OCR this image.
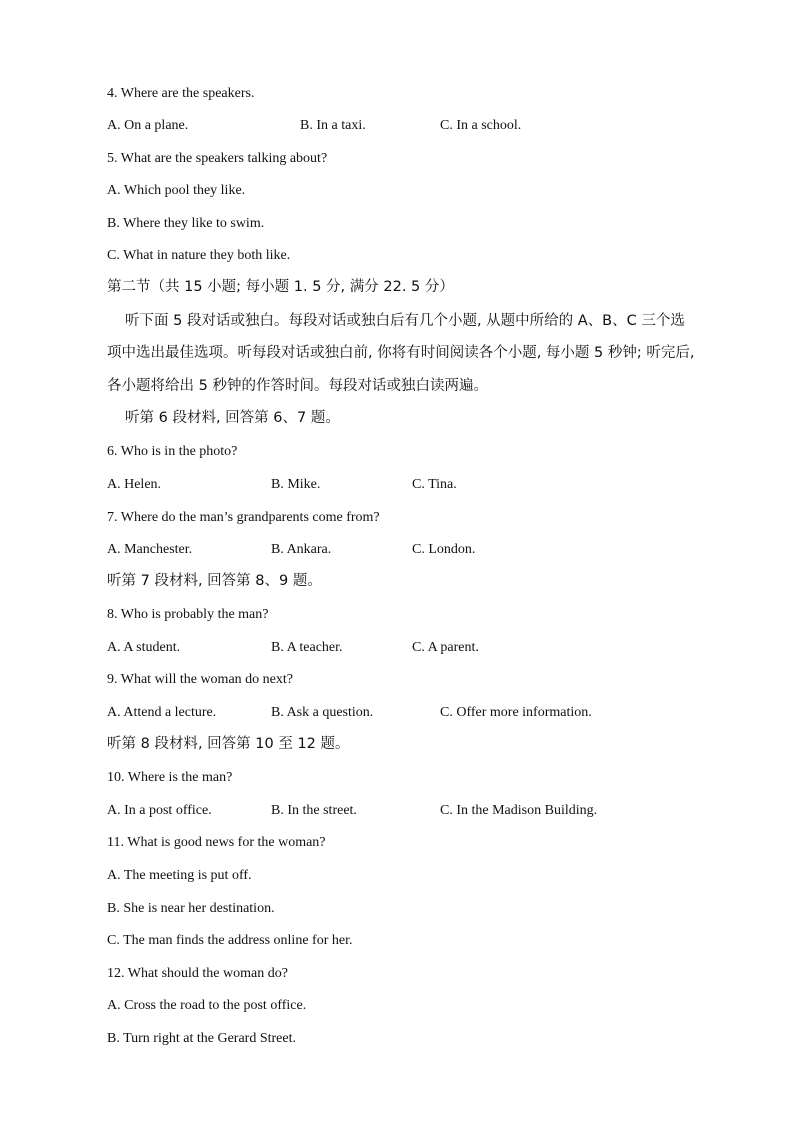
4. Where are the speakers.
A. On a plane.	B. In a taxi.	C. In a school.
5. What are the speakers talking about?
A. Which pool they like.
B. Where they like to swim.
C. What in nature they both like.
第二节（共 15 小题; 每小题 1. 5 分, 满分 22. 5 分）
听下面 5 段对话或独白。每段对话或独白后有几个小题, 从题中所给的 A、B、C 三个选
项中选出最佳选项。听每段对话或独白前, 你将有时间阅读各个小题, 每小题 5 秒钟; 听完后,
各小题将给出 5 秒钟的作答时间。每段对话或独白读两遍。
听第 6 段材料, 回答第 6、7 题。
6. Who is in the photo?
A. Helen.	B. Mike.	C. Tina.
7. Where do the man’s grandparents come from?
A. Manchester.	B. Ankara.	C. London.
听第 7 段材料, 回答第 8、9 题。
8. Who is probably the man?
A. A student.	B. A teacher.	C. A parent.
9. What will the woman do next?
A. Attend a lecture.	B. Ask a question.	C. Offer more information.
听第 8 段材料, 回答第 10 至 12 题。
10. Where is the man?
A. In a post office.	B. In the street.	C. In the Madison Building.
11. What is good news for the woman?
A. The meeting is put off.
B. She is near her destination.
C. The man finds the address online for her.
12. What should the woman do?
A. Cross the road to the post office.
B. Turn right at the Gerard Street.
